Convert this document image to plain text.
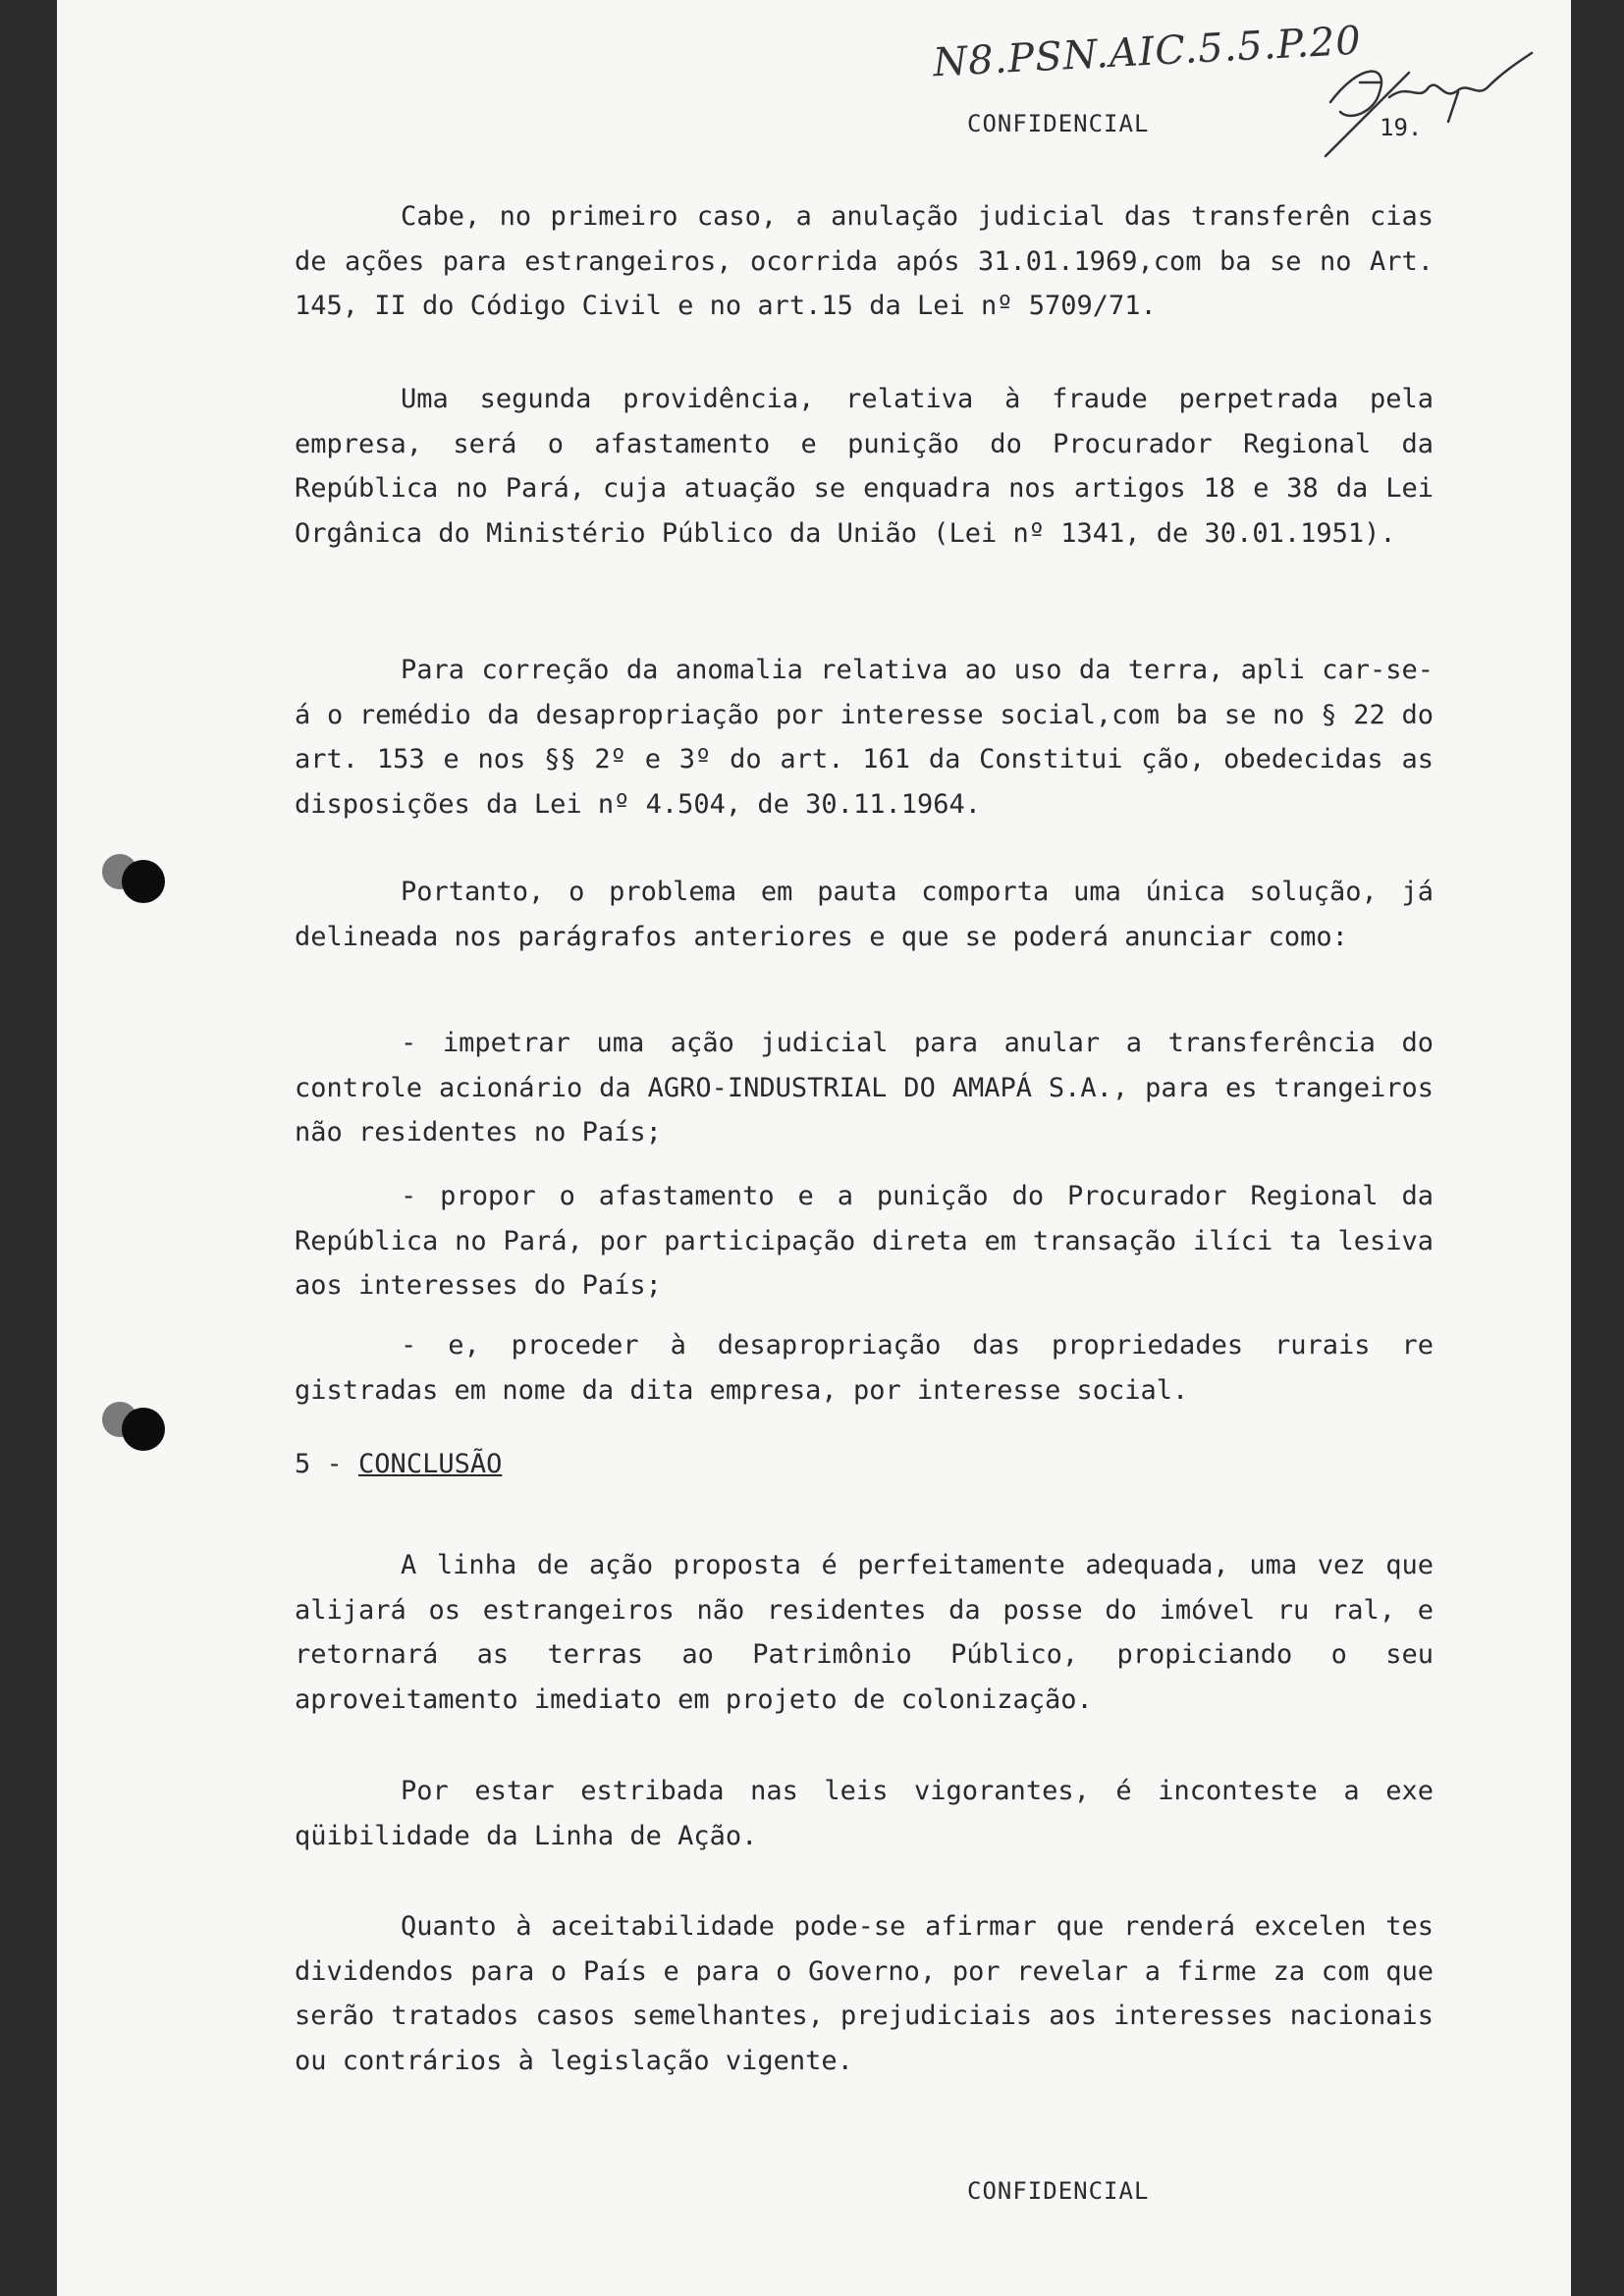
N8.PSN.AIC.5.5.P.20
CONFIDENCIAL	19.
Cabe, no primeiro caso, a anulação judicial das transferên cias de ações para estrangeiros, ocorrida após 31.01.1969,com ba se no Art. 145, II do Código Civil e no art.15 da Lei nº 5709/71.
Uma segunda providência, relativa à fraude perpetrada pela empresa, será o afastamento e punição do Procurador Regional da República no Pará, cuja atuação se enquadra nos artigos 18 e 38 da Lei Orgânica do Ministério Público da União (Lei nº 1341, de 30.01.1951).
Para correção da anomalia relativa ao uso da terra, apli car-se-á o remédio da desapropriação por interesse social,com ba se no § 22 do art. 153 e nos §§ 2º e 3º do art. 161 da Constitui ção, obedecidas as disposições da Lei nº 4.504, de 30.11.1964.
Portanto, o problema em pauta comporta uma única solução, já delineada nos parágrafos anteriores e que se poderá anunciar como:
- impetrar uma ação judicial para anular a transferência do controle acionário da AGRO-INDUSTRIAL DO AMAPÁ S.A., para es trangeiros não residentes no País;
- propor o afastamento e a punição do Procurador Regional da República no Pará, por participação direta em transação ilíci ta lesiva aos interesses do País;
- e, proceder à desapropriação das propriedades rurais re gistradas em nome da dita empresa, por interesse social.
5 - CONCLUSÃO
A linha de ação proposta é perfeitamente adequada, uma vez que alijará os estrangeiros não residentes da posse do imóvel ru ral, e retornará as terras ao Patrimônio Público, propiciando o seu aproveitamento imediato em projeto de colonização.
Por estar estribada nas leis vigorantes, é inconteste a exe qüibilidade da Linha de Ação.
Quanto à aceitabilidade pode-se afirmar que renderá excelen tes dividendos para o País e para o Governo, por revelar a firme za com que serão tratados casos semelhantes, prejudiciais aos interesses nacionais ou contrários à legislação vigente.
CONFIDENCIAL
